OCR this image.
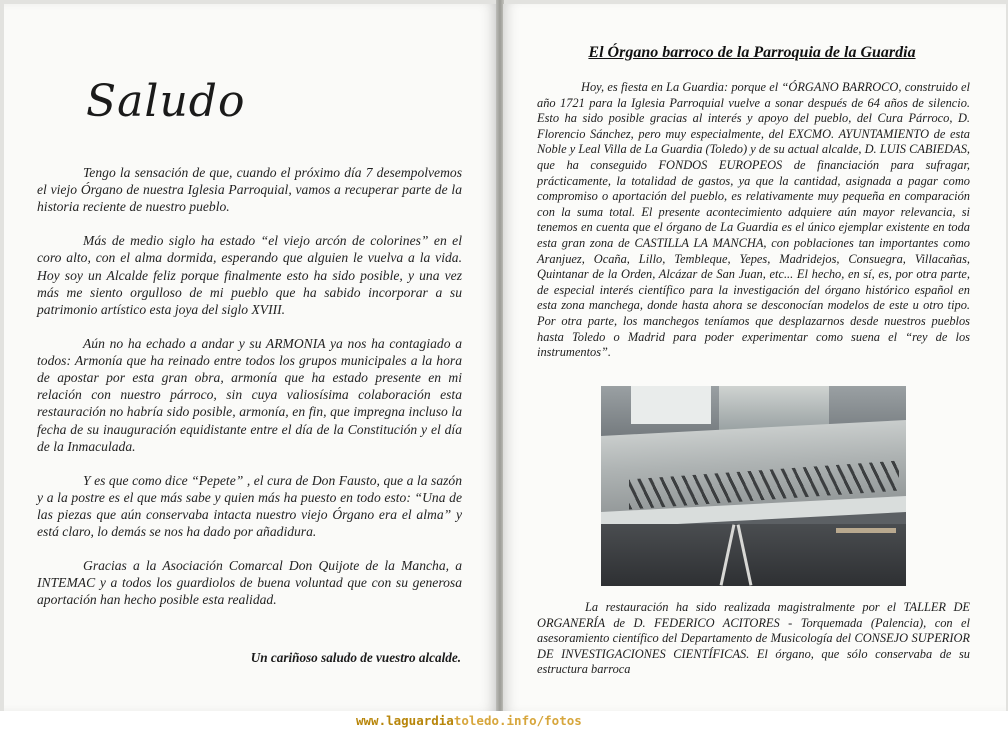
Saludo

Tengo la sensación de que, cuando el próximo día 7 desempolvemos el viejo Órgano de nuestra Iglesia Parroquial, vamos a recuperar parte de la historia reciente de nuestro pueblo.

Más de medio siglo ha estado “el viejo arcón de colorines” en el coro alto, con el alma dormida, esperando que alguien le vuelva a la vida. Hoy soy un Alcalde feliz porque finalmente esto ha sido posible, y una vez más me siento orgulloso de mi pueblo que ha sabido incorporar a su patrimonio artístico esta joya del siglo XVIII.

Aún no ha echado a andar y su ARMONIA ya nos ha contagiado a todos: Armonía que ha reinado entre todos los grupos municipales a la hora de apostar por esta gran obra, armonía que ha estado presente en mi relación con nuestro párroco, sin cuya valiosísima colaboración esta restauración no habría sido posible, armonía, en fin, que impregna incluso la fecha de su inauguración equidistante entre el día de la Constitución y el día de la Inmaculada.

Y es que como dice “Pepete” , el cura de Don Fausto, que a la sazón y a la postre es el que más sabe y quien más ha puesto en todo esto: “Una de las piezas que aún conservaba intacta nuestro viejo Órgano era el alma” y está claro, lo demás se nos ha dado por añadidura.

Gracias a la Asociación Comarcal Don Quijote de la Mancha, a INTEMAC y a todos los guardiolos de buena voluntad que con su generosa aportación han hecho posible esta realidad.

Un cariñoso saludo de vuestro alcalde.
El Órgano barroco de la Parroquia de la Guardia

Hoy, es fiesta en La Guardia: porque el “ÓRGANO BARROCO, construido el año 1721 para la Iglesia Parroquial vuelve a sonar después de 64 años de silencio. Esto ha sido posible gracias al interés y apoyo del pueblo, del Cura Párroco, D. Florencio Sánchez, pero muy especialmente, del EXCMO. AYUNTAMIENTO de esta Noble y Leal Villa de La Guardia (Toledo) y de su actual alcalde, D. LUIS CABIEDAS, que ha conseguido FONDOS EUROPEOS de financiación para sufragar, prácticamente, la totalidad de gastos, ya que la cantidad, asignada a pagar como compromiso o aportación del pueblo, es relativamente muy pequeña en comparación con la suma total. El presente acontecimiento adquiere aún mayor relevancia, si tenemos en cuenta que el órgano de La Guardia es el único ejemplar existente en toda esta gran zona de CASTILLA LA MANCHA, con poblaciones tan importantes como Aranjuez, Ocaña, Lillo, Tembleque, Yepes, Madridejos, Consuegra, Villacañas, Quintanar de la Orden, Alcázar de San Juan, etc... El hecho, en sí, es, por otra parte, de especial interés científico para la investigación del órgano histórico español en esta zona manchega, donde hasta ahora se desconocían modelos de este u otro tipo. Por otra parte, los manchegos teníamos que desplazarnos desde nuestros pueblos hasta Toledo o Madrid para poder experimentar como suena el “rey de los instrumentos”.

La restauración ha sido realizada magistralmente por el TALLER DE ORGANERÍA de D. FEDERICO ACITORES - Torquemada (Palencia), con el asesoramiento científico del Departamento de Musicología del CONSEJO SUPERIOR DE INVESTIGACIONES CIENTÍFICAS. El órgano, que sólo conservaba de su estructura barroca

www.laguardiatoledo.info/fotos
